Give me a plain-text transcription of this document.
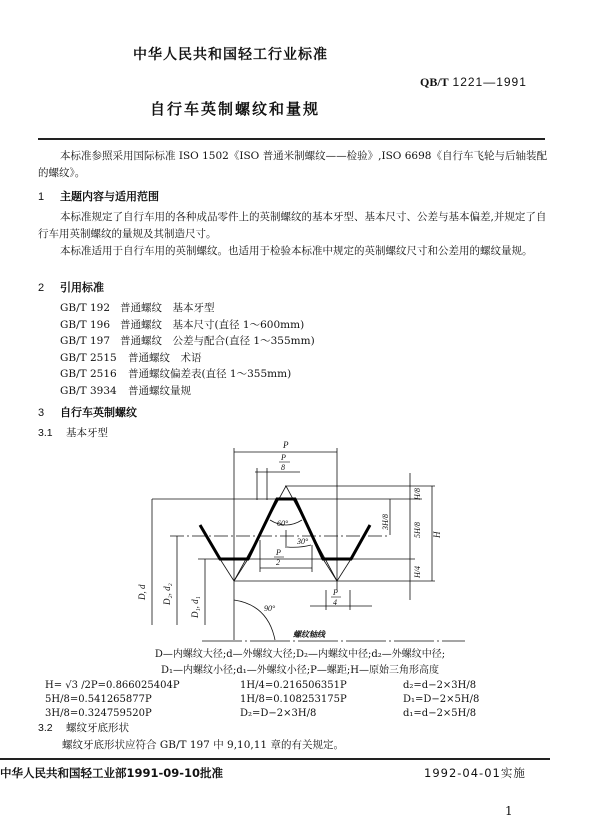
中华人民共和国轻工行业标准
QB/T 1221—1991
自行车英制螺纹和量规
本标准参照采用国际标准 ISO 1502《ISO 普通米制螺纹——检验》,ISO 6698《自行车飞轮与后轴装配的螺纹》。
1 主题内容与适用范围
本标准规定了自行车用的各种成品零件上的英制螺纹的基本牙型、基本尺寸、公差与基本偏差,并规定了自行车用英制螺纹的量规及其制造尺寸。
本标准适用于自行车用的英制螺纹。也适用于检验本标准中规定的英制螺纹尺寸和公差用的螺纹量规。
2 引用标准
GB/T 192 普通螺纹　基本牙型
GB/T 196 普通螺纹　基本尺寸(直径 1～600mm)
GB/T 197 普通螺纹　公差与配合(直径 1～355mm)
GB/T 2515 普通螺纹　术语
GB/T 2516 普通螺纹偏差表(直径 1～355mm)
GB/T 3934 普通螺纹量规
3 自行车英制螺纹
3.1 基本牙型
P
P
8
60°
30°
P
2
P
4
90°
螺纹轴线
D, d D₂, d₂
D₁, d₁
H/8
3H/8	5H/8
H/4
H
D—内螺纹大径;d—外螺纹大径;D₂—内螺纹中径;d₂—外螺纹中径;
D₁—内螺纹小径;d₁—外螺纹小径;P—螺距;H—原始三角形高度
H= √3 /2P=0.866025404P
5H/8=0.541265877P
3H/8=0.324759520P
1H/4=0.216506351P
1H/8=0.108253175P
D₂=D−2×3H/8
d₂=d−2×3H/8
D₁=D−2×5H/8
d₁=d−2×5H/8
3.2 螺纹牙底形状
螺纹牙底形状应符合 GB/T 197 中 9,10,11 章的有关规定。
中华人民共和国轻工业部1991-09-10批准	1992-04-01实施
1
